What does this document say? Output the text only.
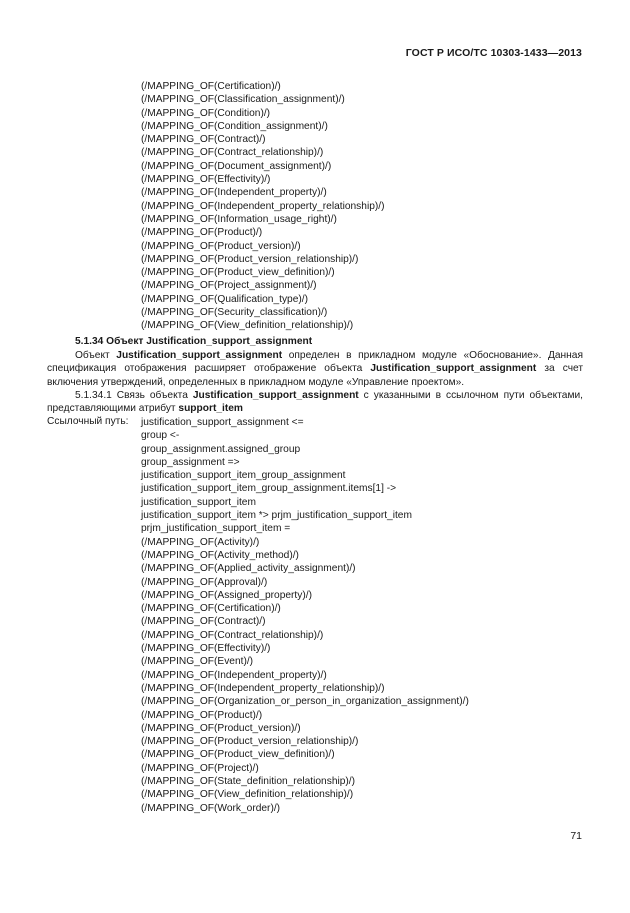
ГОСТ Р ИСО/ТС 10303-1433—2013
(/MAPPING_OF(Certification)/)
(/MAPPING_OF(Classification_assignment)/)
(/MAPPING_OF(Condition)/)
(/MAPPING_OF(Condition_assignment)/)
(/MAPPING_OF(Contract)/)
(/MAPPING_OF(Contract_relationship)/)
(/MAPPING_OF(Document_assignment)/)
(/MAPPING_OF(Effectivity)/)
(/MAPPING_OF(Independent_property)/)
(/MAPPING_OF(Independent_property_relationship)/)
(/MAPPING_OF(Information_usage_right)/)
(/MAPPING_OF(Product)/)
(/MAPPING_OF(Product_version)/)
(/MAPPING_OF(Product_version_relationship)/)
(/MAPPING_OF(Product_view_definition)/)
(/MAPPING_OF(Project_assignment)/)
(/MAPPING_OF(Qualification_type)/)
(/MAPPING_OF(Security_classification)/)
(/MAPPING_OF(View_definition_relationship)/)
5.1.34 Объект Justification_support_assignment
Объект Justification_support_assignment определен в прикладном модуле «Обоснование». Данная спецификация отображения расширяет отображение объекта Justification_support_assignment за счет включения утверждений, определенных в прикладном модуле «Управление проектом».
5.1.34.1 Связь объекта Justification_support_assignment с указанными в ссылочном пути объектами, представляющими атрибут support_item
Ссылочный путь: justification_support_assignment <=
group <-
group_assignment.assigned_group
group_assignment =>
justification_support_item_group_assignment
justification_support_item_group_assignment.items[1] ->
justification_support_item
justification_support_item *> prjm_justification_support_item
prjm_justification_support_item =
(/MAPPING_OF(Activity)/)
(/MAPPING_OF(Activity_method)/)
(/MAPPING_OF(Applied_activity_assignment)/)
(/MAPPING_OF(Approval)/)
(/MAPPING_OF(Assigned_property)/)
(/MAPPING_OF(Certification)/)
(/MAPPING_OF(Contract)/)
(/MAPPING_OF(Contract_relationship)/)
(/MAPPING_OF(Effectivity)/)
(/MAPPING_OF(Event)/)
(/MAPPING_OF(Independent_property)/)
(/MAPPING_OF(Independent_property_relationship)/)
(/MAPPING_OF(Organization_or_person_in_organization_assignment)/)
(/MAPPING_OF(Product)/)
(/MAPPING_OF(Product_version)/)
(/MAPPING_OF(Product_version_relationship)/)
(/MAPPING_OF(Product_view_definition)/)
(/MAPPING_OF(Project)/)
(/MAPPING_OF(State_definition_relationship)/)
(/MAPPING_OF(View_definition_relationship)/)
(/MAPPING_OF(Work_order)/)
71
